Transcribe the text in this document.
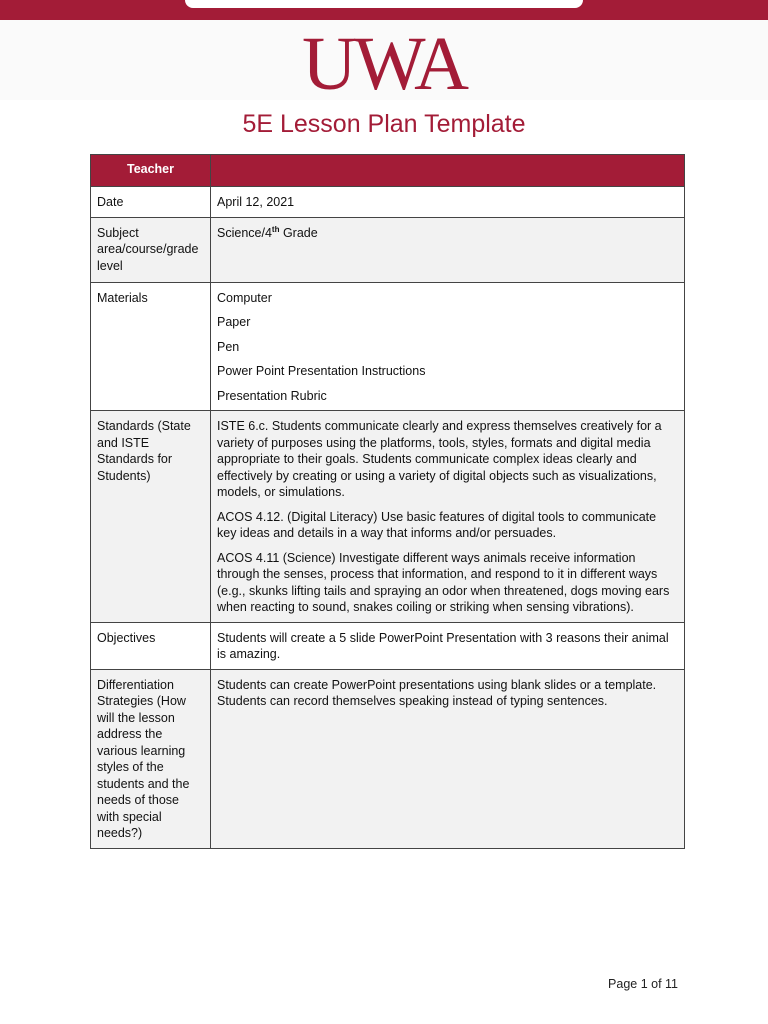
UWA
5E Lesson Plan Template
Teacher	
Date	April 12, 2021
Subject area/course/grade level	Science/4th Grade
Materials	Computer
Paper
Pen
Power Point Presentation Instructions
Presentation Rubric

Standards (State and ISTE Standards for Students)	ISTE 6.c. Students communicate clearly and express themselves creatively for a variety of purposes using the platforms, tools, styles, formats and digital media appropriate to their goals. Students communicate complex ideas clearly and effectively by creating or using a variety of digital objects such as visualizations, models, or simulations.
ACOS 4.12. (Digital Literacy) Use basic features of digital tools to communicate key ideas and details in a way that informs and/or persuades.
ACOS 4.11 (Science) Investigate different ways animals receive information through the senses, process that information, and respond to it in different ways (e.g., skunks lifting tails and spraying an odor when threatened, dogs moving ears when reacting to sound, snakes coiling or striking when sensing vibrations).

Objectives	Students will create a 5 slide PowerPoint Presentation with 3 reasons their animal is amazing.
Differentiation Strategies (How will the lesson address the various learning styles of the students and the needs of those with special needs?)	Students can create PowerPoint presentations using blank slides or a template. Students can record themselves speaking instead of typing sentences.
Page 1 of 11
